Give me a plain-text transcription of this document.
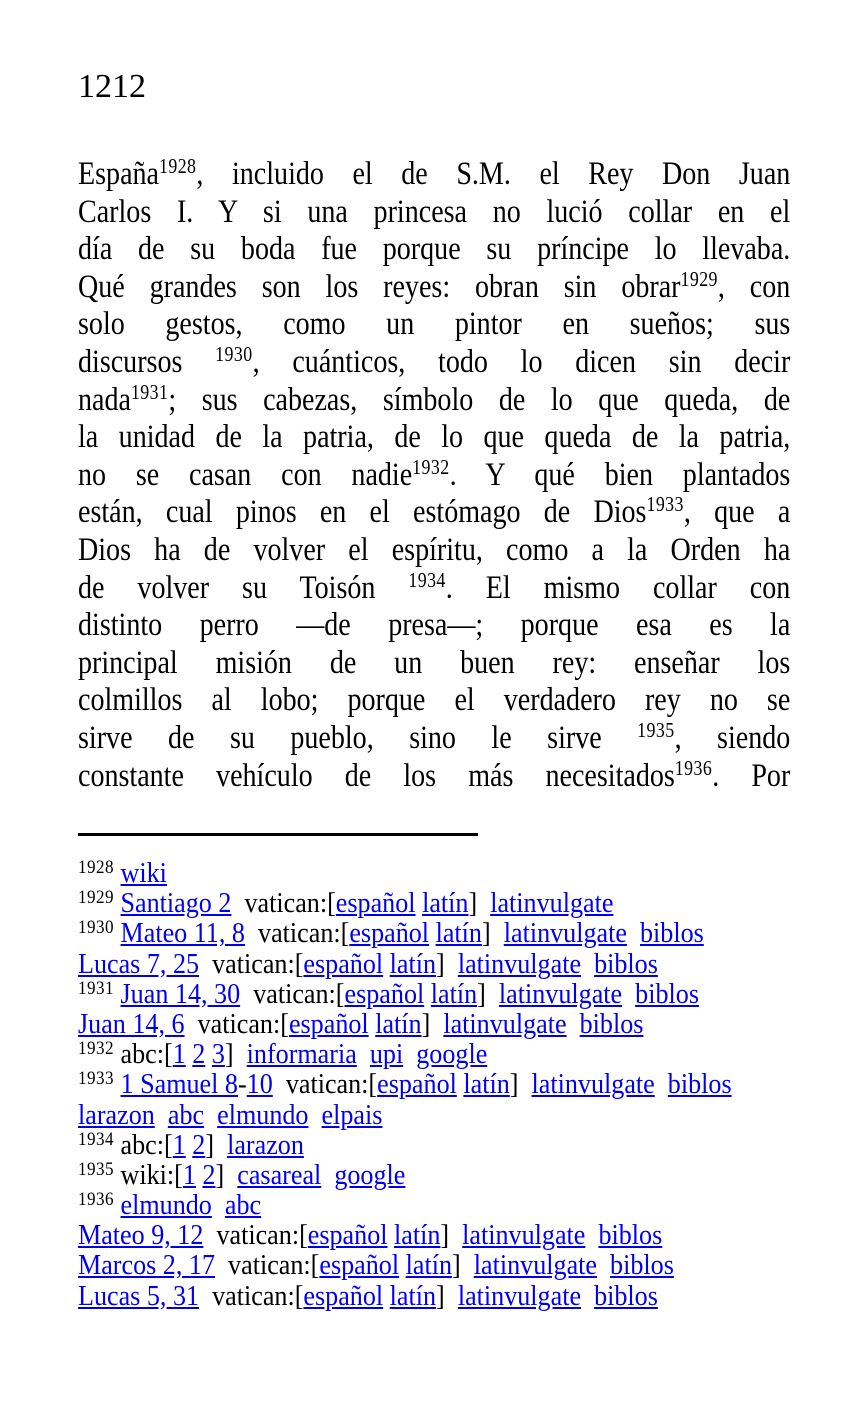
1212
España$^{1928}$, incluido el de S.M. el Rey Don Juan
Carlos I. Y si una princesa no lució collar en el
día de su boda fue porque su príncipe lo llevaba.
Qué grandes son los reyes: obran sin obrar$^{1929}$, con
solo gestos, como un pintor en sueños; sus
discursos $^{1930}$, cuánticos, todo lo dicen sin decir
nada$^{1931}$; sus cabezas, símbolo de lo que queda, de
la unidad de la patria, de lo que queda de la patria,
no se casan con nadie$^{1932}$. Y qué bien plantados
están, cual pinos en el estómago de Dios$^{1933}$, que a
Dios ha de volver el espíritu, como a la Orden ha
de volver su Toisón $^{1934}$. El mismo collar con
distinto perro —de presa—; porque esa es la
principal misión de un buen rey: enseñar los
colmillos al lobo; porque el verdadero rey no se
sirve de su pueblo, sino le sirve $^{1935}$, siendo
constante vehículo de los más necesitados$^{1936}$. Por
$^{1928}$ wiki
$^{1929}$ Santiago 2  vatican:[español latín]  latinvulgate
$^{1930}$ Mateo 11, 8  vatican:[español latín]  latinvulgate biblos
Lucas 7, 25  vatican:[español latín]  latinvulgate biblos
$^{1931}$ Juan 14, 30  vatican:[español latín]  latinvulgate biblos
Juan 14, 6  vatican:[español latín]  latinvulgate biblos
$^{1932}$ abc:[1 2 3]  informaria upi google
$^{1933}$ 1 Samuel 8-10  vatican:[español latín]  latinvulgate biblos
larazon abc elmundo elpais
$^{1934}$ abc:[1 2]  larazon
$^{1935}$ wiki:[1 2]  casareal google
$^{1936}$ elmundo abc
Mateo 9, 12  vatican:[español latín]  latinvulgate biblos
Marcos 2, 17  vatican:[español latín]  latinvulgate biblos
Lucas 5, 31  vatican:[español latín]  latinvulgate biblos
